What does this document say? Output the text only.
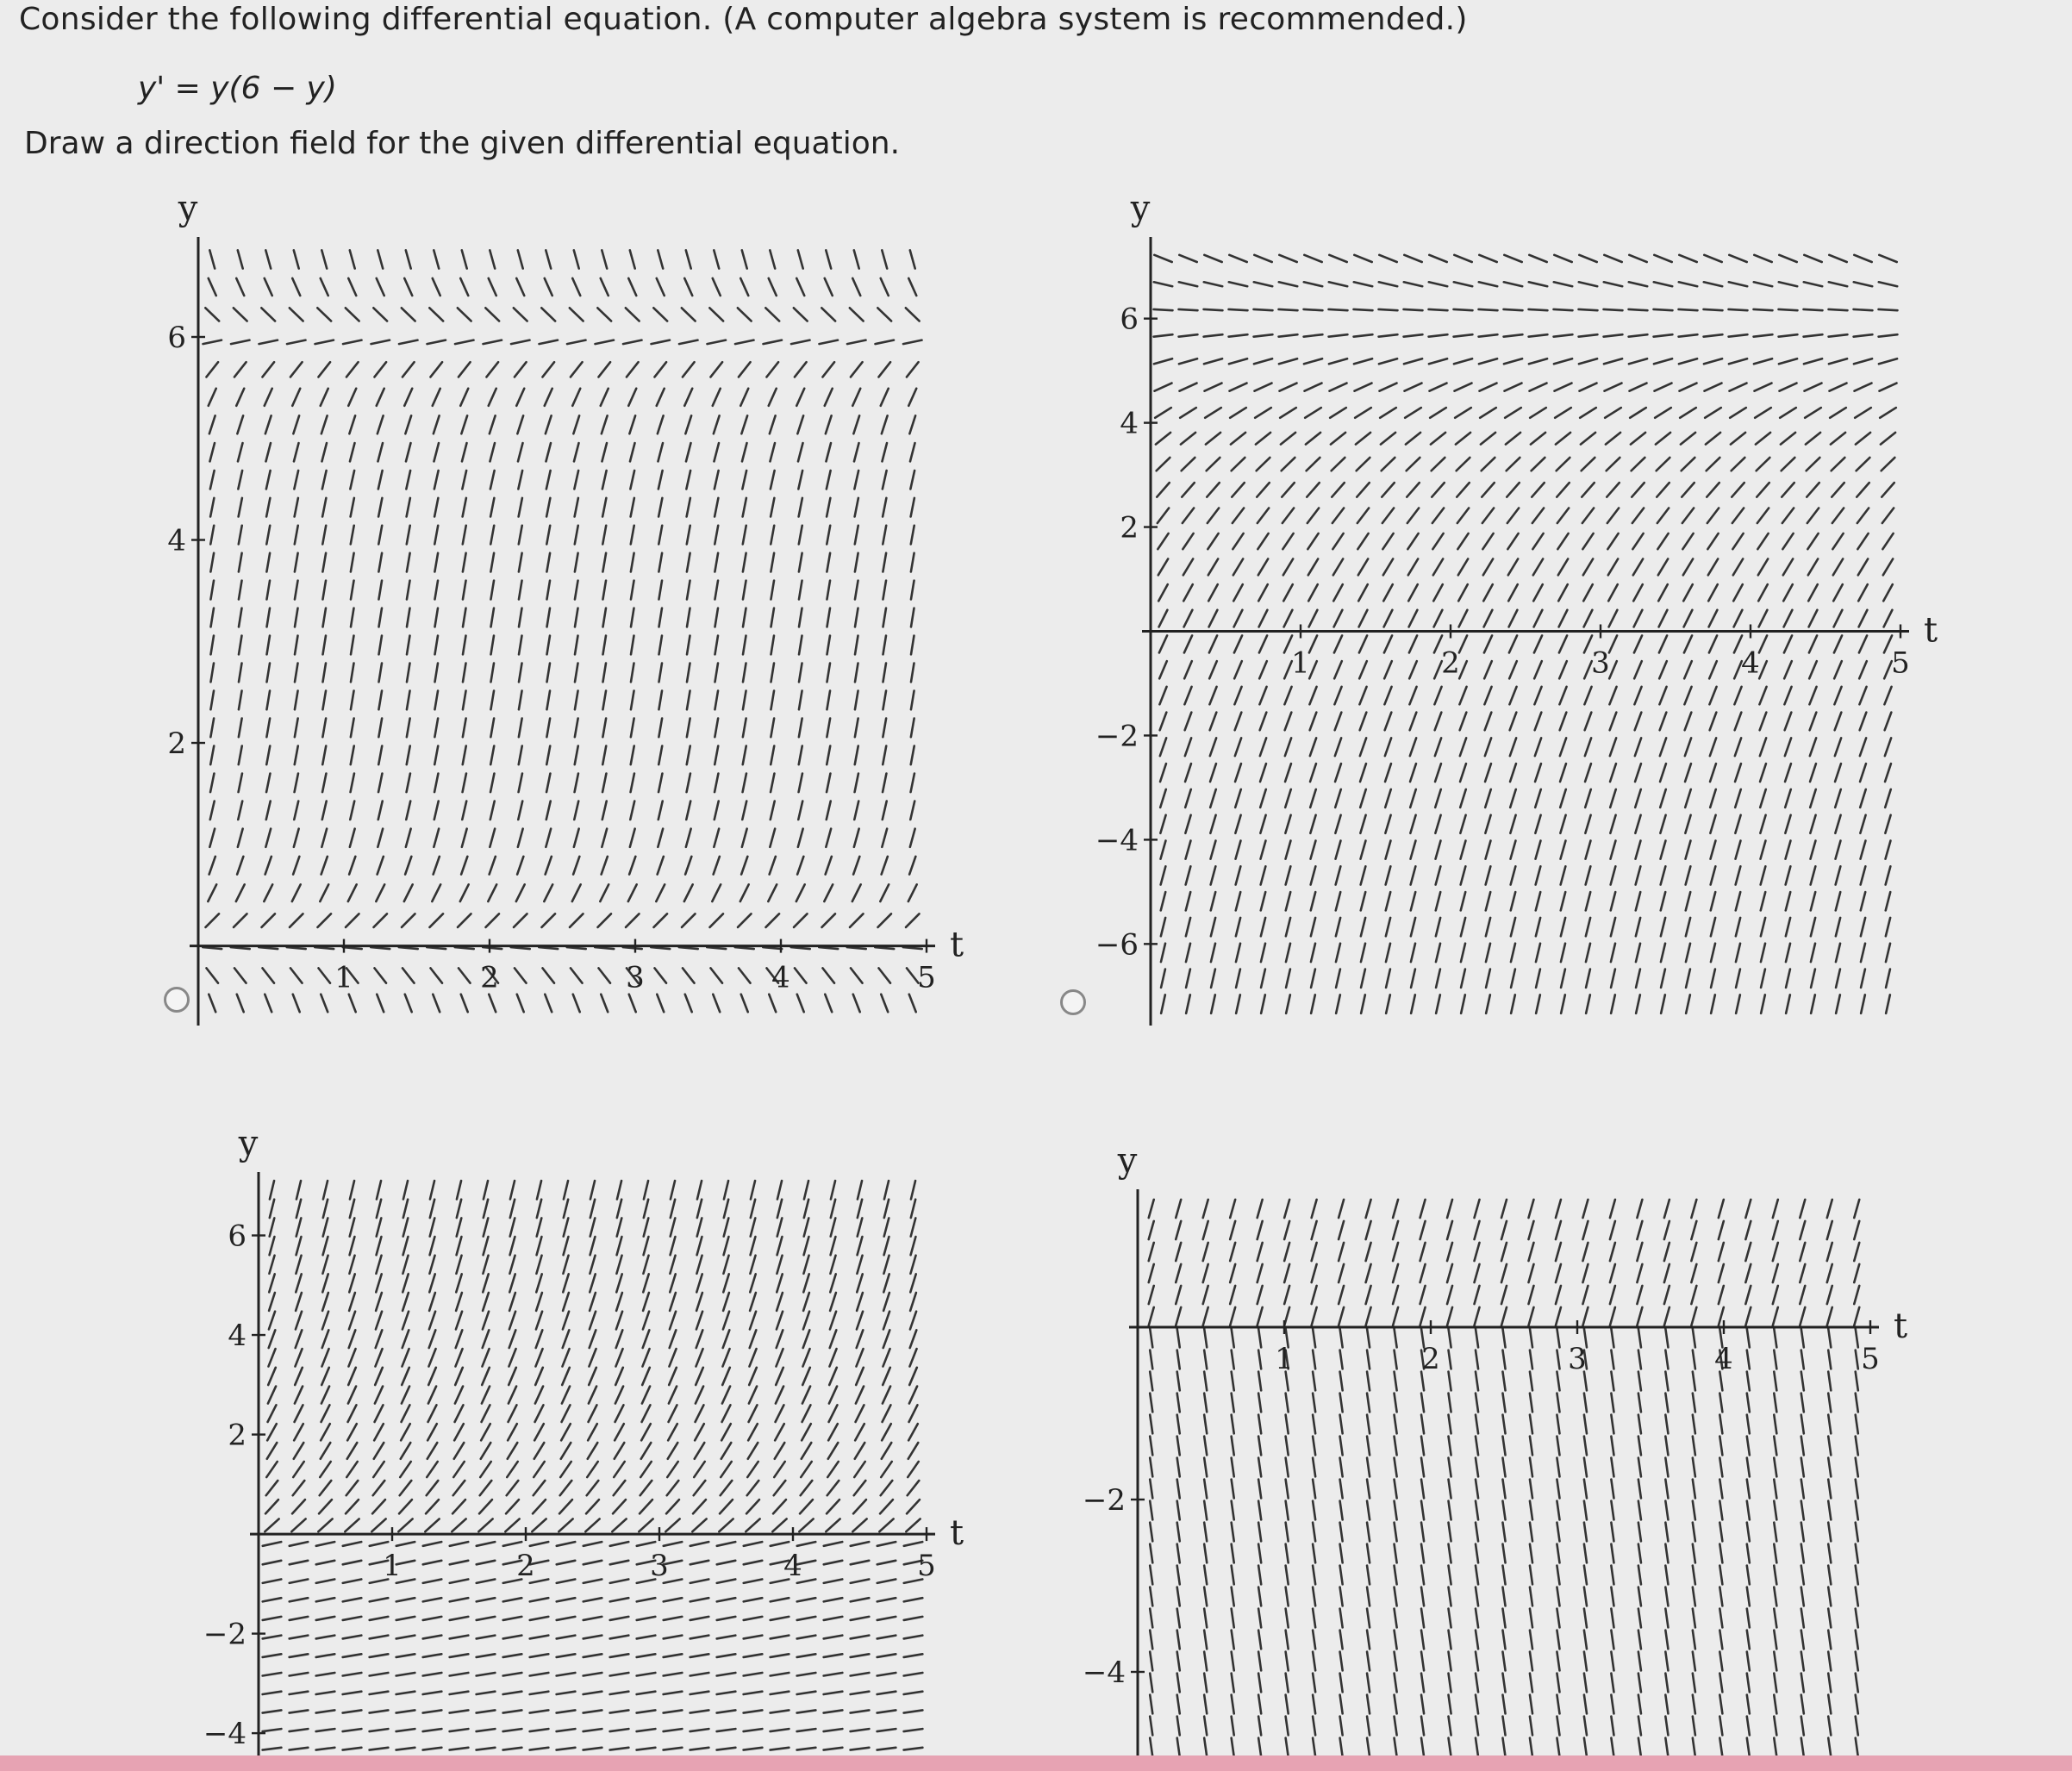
Consider the following differential equation. (A computer algebra system is recommended.)
y' = y(6 − y)
Draw a direction field for the given differential equation.
y
t
1	2	3	4	5
2
4
6
y
t
1	2	3	4	5
−6
−4
−2
2
4
6
y
t
1	2	3	4	5
−4
−2
2
4
6
y
t
1	2	3	4	5
−2
−4
